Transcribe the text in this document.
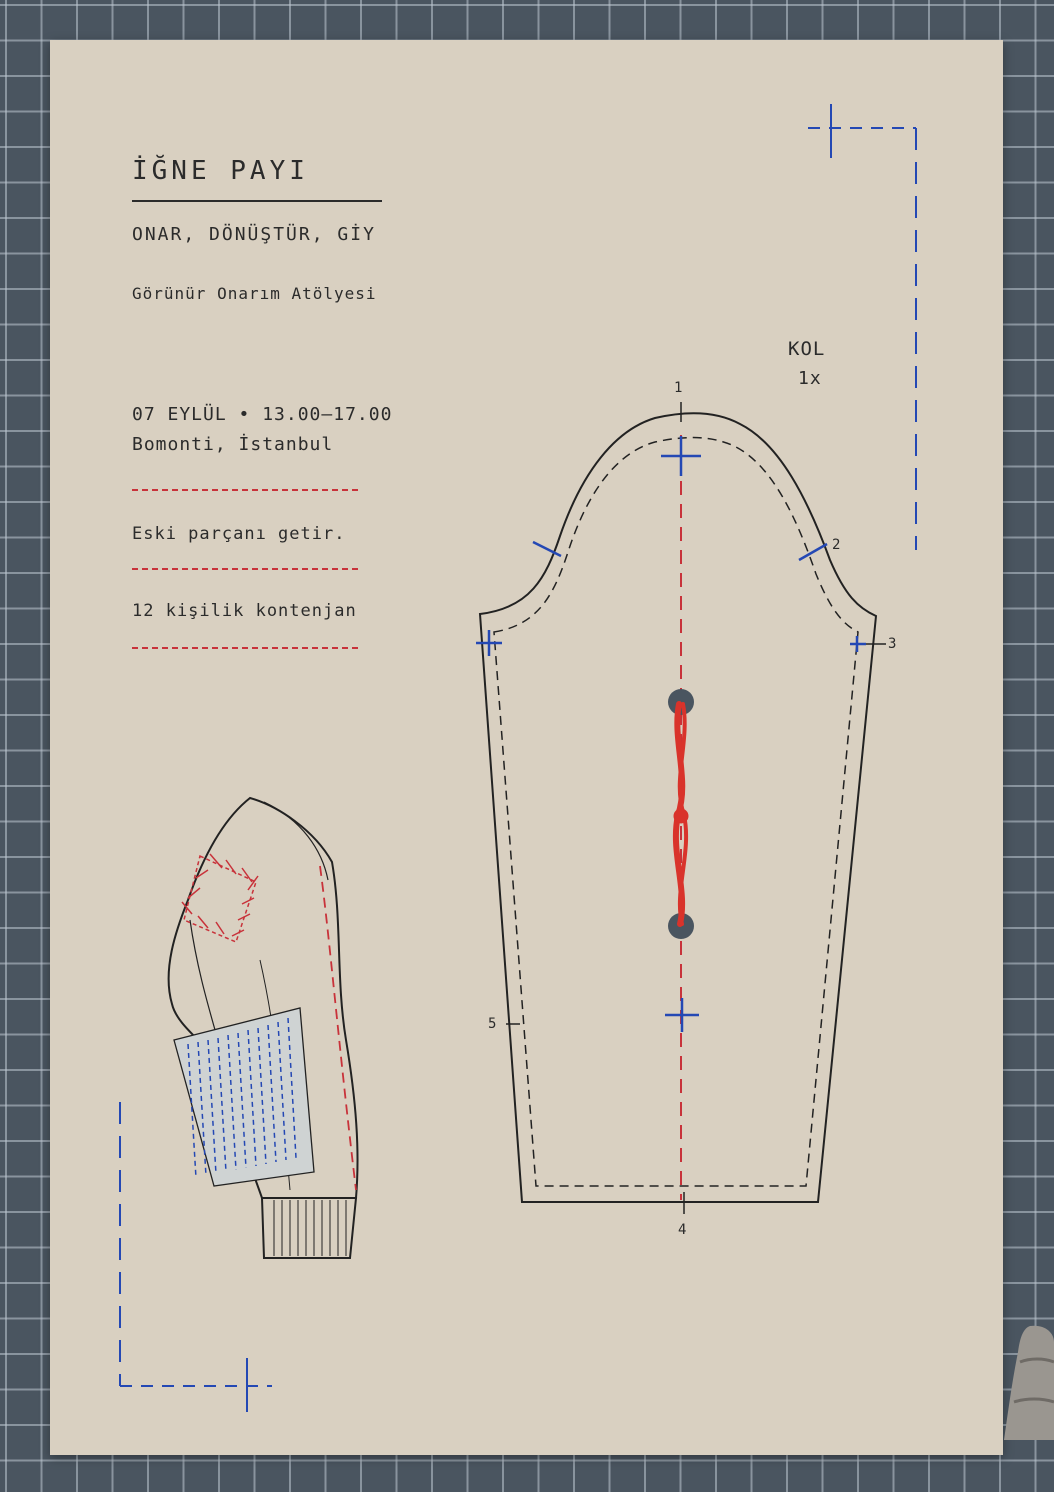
İĞNE PAYI
ONAR, DÖNÜŞTÜR, GİY
Görünür Onarım Atölyesi
07 EYLÜL • 13.00–17.00
Bomonti, İstanbul
Eski parçanı getir.
12 kişilik kontenjan
KOL
1x
1
2
3
4
5
